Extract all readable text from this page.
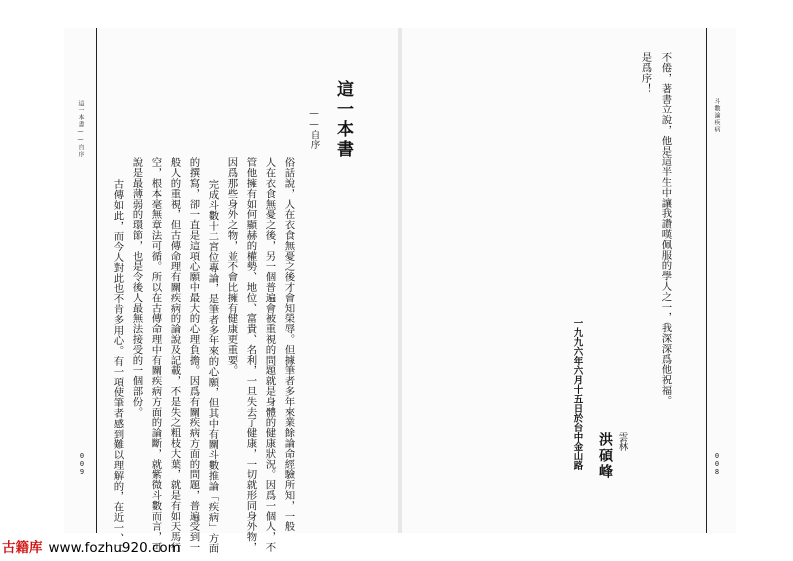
這一本書——自序
009	俗話說，人在衣食無憂之後才會知榮辱。但據筆者多年來業餘論命經驗所知，一般
人在衣食無憂之後，另一個普遍會被重視的問題就是身體的健康狀況。因爲一個人，不
管他擁有如何顯赫的權勢、地位、富貴、名利，一旦失去了健康，一切就形同身外物，
因爲那些身外之物，並不會比擁有健康更重要。
完成斗數十二宮位專論，是筆者多年來的心願，但其中有關斗數推論「疾病」方面
的撰寫，卻一直是這項心願中最大的心理負擔。因爲有關疾病方面的問題，普遍受到一
般人的重視，但古傳命理有關疾病的論說及記載，不是失之粗枝大葉，就是有如天馬行
空，根本毫無章法可循。所以在古傳命理中有關疾病方面的論斷，就紫微斗數而言，可
說是最薄弱的環節，也是令後人最無法接受的一個部份。
古傳如此，而今人對此也不肯多用心。有一項使筆者感到難以理解的，在近一、二
這一本書
——自序	斗數論疾病
008
不倦，著書立說，他是這半生中讓我讚嘆佩服的學人之一，我深深爲他祝福。
是爲序！
雲林
洪碩峰
一九九六年六月十五日於台中金山路
古籍库 www.fozhu920.com
